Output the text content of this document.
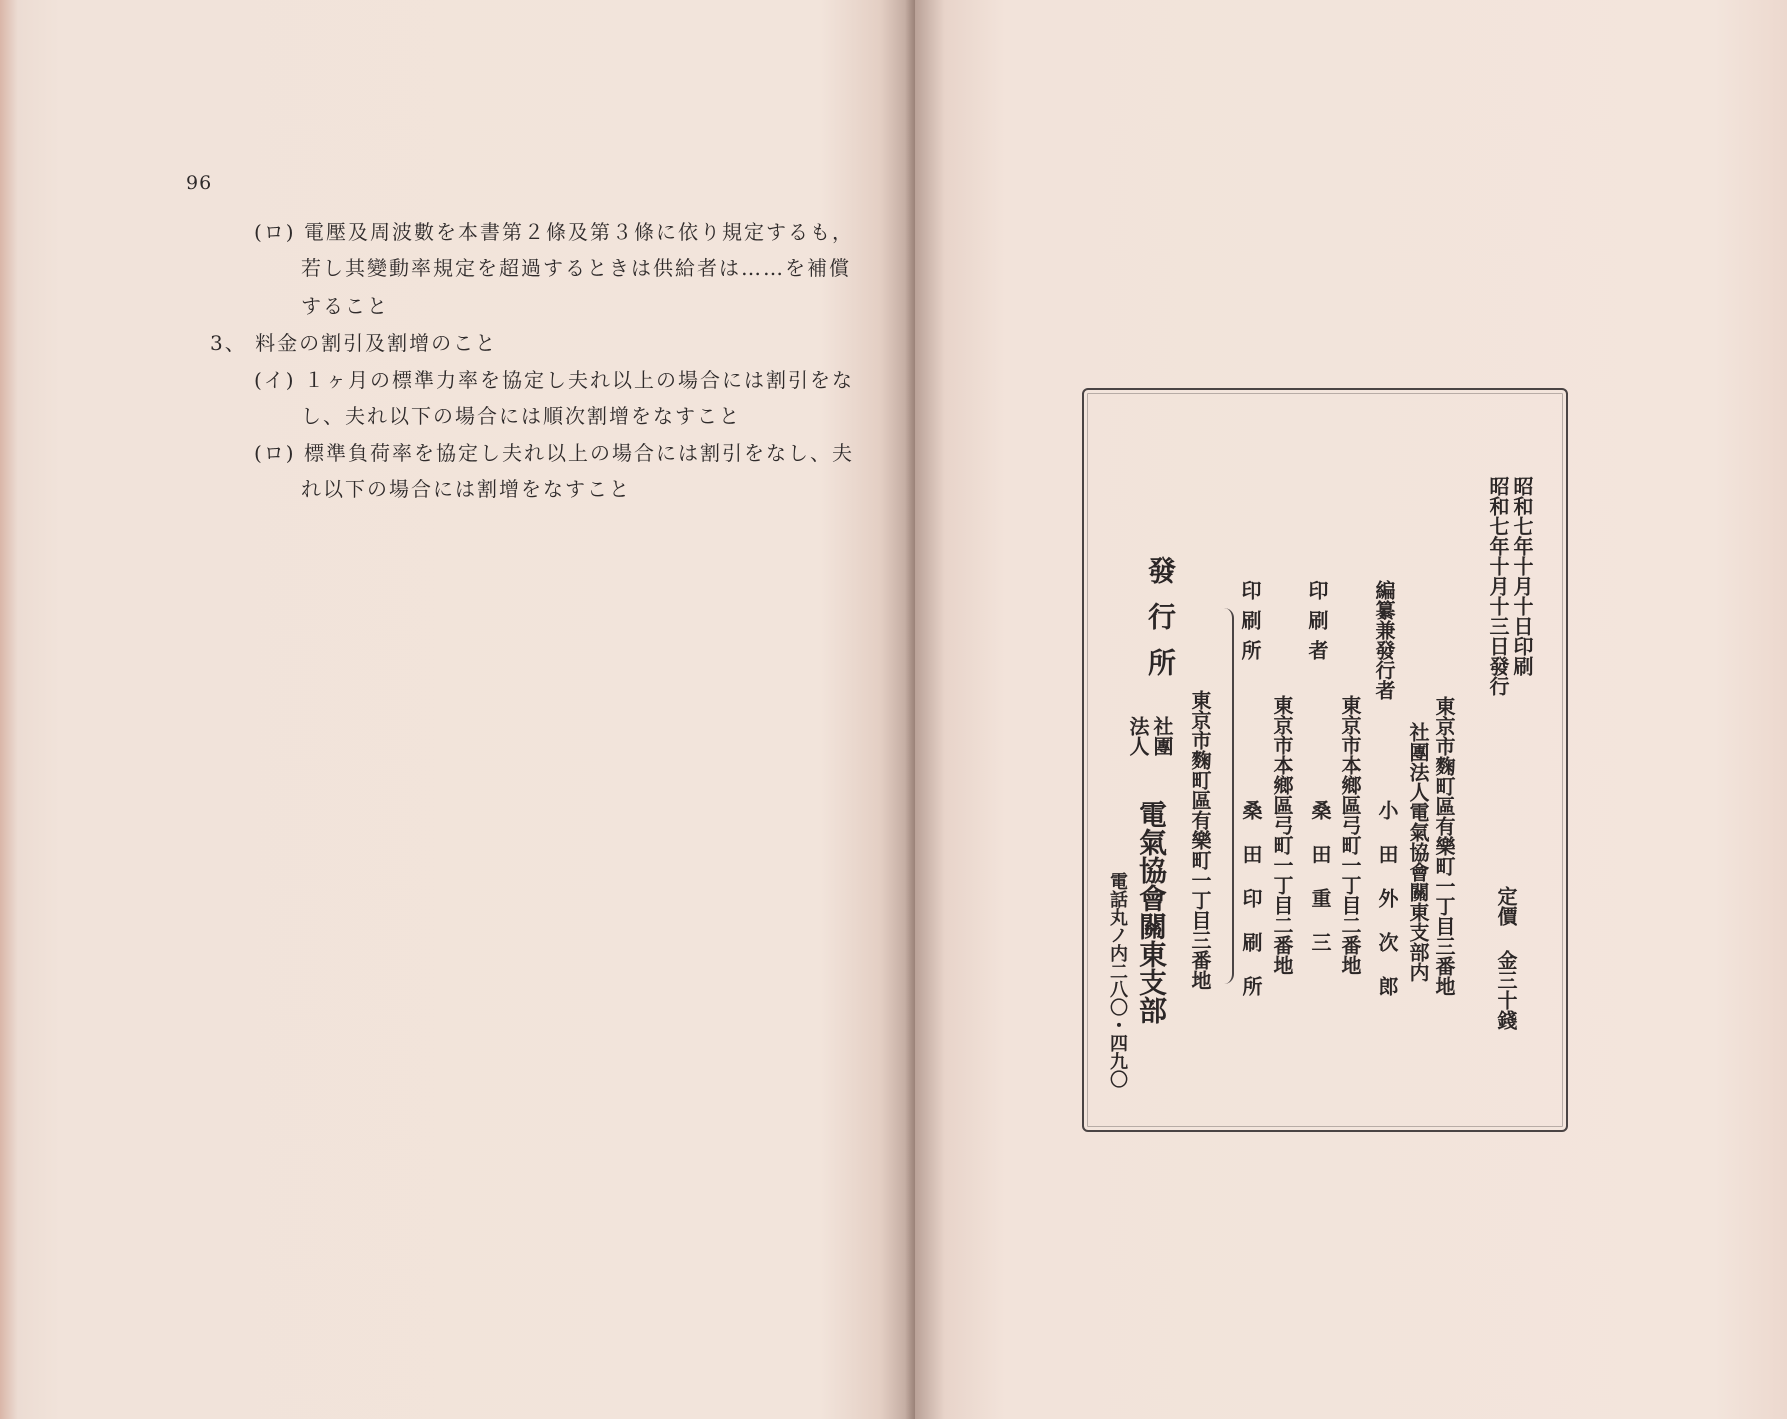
96
(ロ) 電壓及周波數を本書第２條及第３條に依り規定するも，
若し其變動率規定を超過するときは供給者は……を補償
すること
3、 料金の割引及割增のこと
(イ) １ヶ月の標準力率を協定し夫れ以上の場合には割引をな
し、夫れ以下の場合には順次割增をなすこと
(ロ) 標準負荷率を協定し夫れ以上の場合には割引をなし、夫
れ以下の場合には割增をなすこと	昭和七年十月十日印刷
昭和七年十月十三日發行
定價 金三十錢
東京市麴町區有樂町一丁目三番地
社團法人電氣協會關東支部内
編纂兼發行者
小 田 外 次 郎
印刷者
東京市本鄉區弓町一丁目二番地
桑 田 重 三
印刷所
東京市本鄉區弓町一丁目二番地
桑 田 印 刷 所
東京市麴町區有樂町一丁目三番地
發行所
社團
法人
電氣協會關東支部
電話丸ノ内二八〇・四九〇
